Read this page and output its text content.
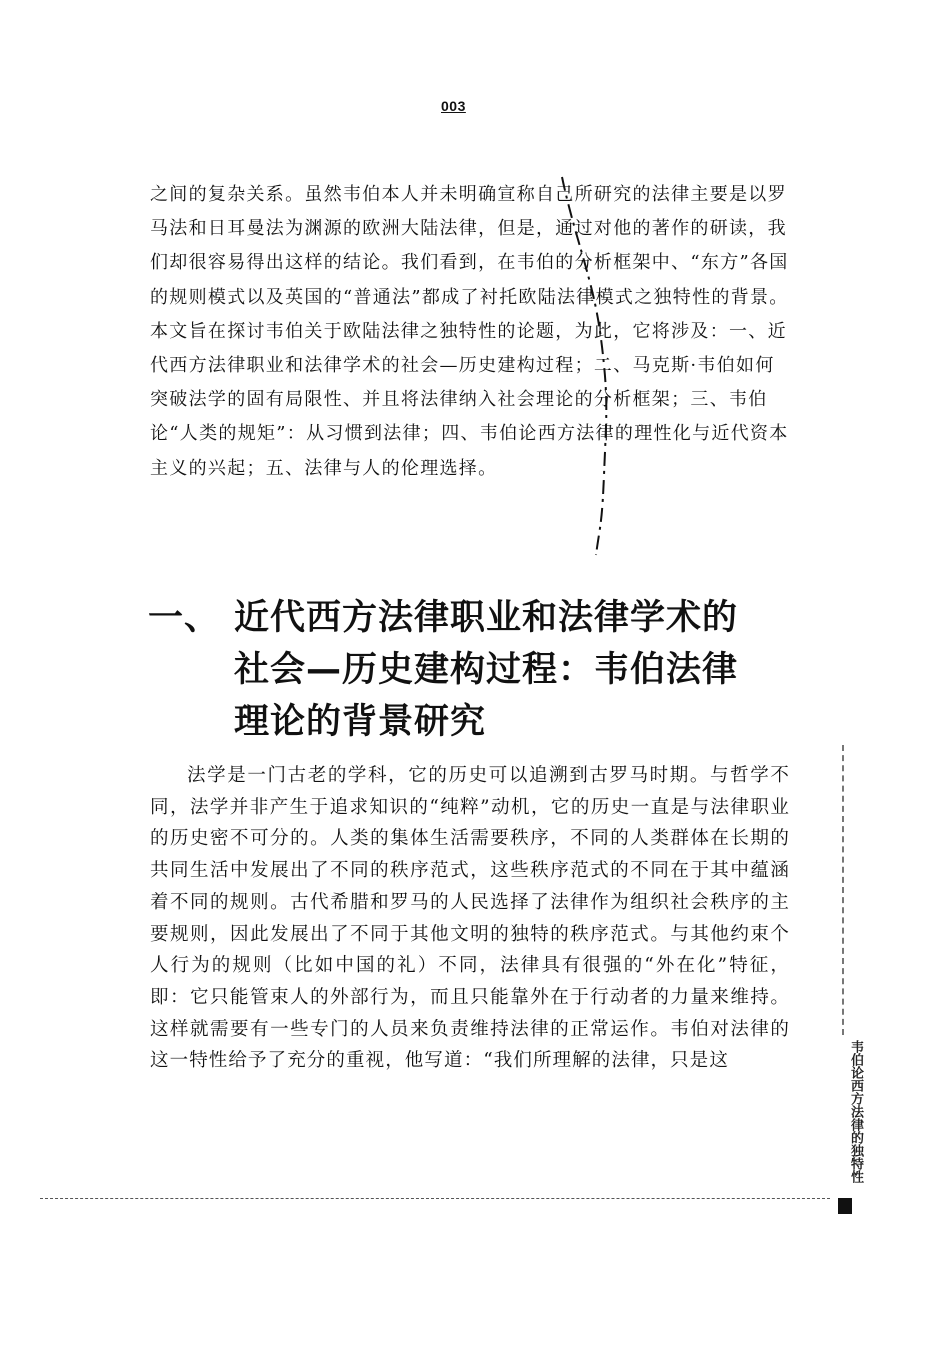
003

之间的复杂关系。虽然韦伯本人并未明确宣称自己所研究的法律主要是以罗马法和日耳曼法为渊源的欧洲大陆法律，但是，通过对他的著作的研读，我们却很容易得出这样的结论。我们看到，在韦伯的分析框架中、“东方”各国的规则模式以及英国的“普通法”都成了衬托欧陆法律模式之独特性的背景。本文旨在探讨韦伯关于欧陆法律之独特性的论题，为此，它将涉及：一、近代西方法律职业和法律学术的社会—历史建构过程；二、马克斯·韦伯如何突破法学的固有局限性、并且将法律纳入社会理论的分析框架；三、韦伯论“人类的规矩”：从习惯到法律；四、韦伯论西方法律的理性化与近代资本主义的兴起；五、法律与人的伦理选择。

一、 近代西方法律职业和法律学术的
社会—历史建构过程：韦伯法律
理论的背景研究

法学是一门古老的学科，它的历史可以追溯到古罗马时期。与哲学不同，法学并非产生于追求知识的“纯粹”动机，它的历史一直是与法律职业的历史密不可分的。人类的集体生活需要秩序，不同的人类群体在长期的共同生活中发展出了不同的秩序范式，这些秩序范式的不同在于其中蕴涵着不同的规则。古代希腊和罗马的人民选择了法律作为组织社会秩序的主要规则，因此发展出了不同于其他文明的独特的秩序范式。与其他约束个人行为的规则（比如中国的礼）不同，法律具有很强的“外在化”特征，即：它只能管束人的外部行为，而且只能靠外在于行动者的力量来维持。这样就需要有一些专门的人员来负责维持法律的正常运作。韦伯对法律的这一特性给予了充分的重视，他写道：“我们所理解的法律，只是这	韦伯论西方法律的独特性
